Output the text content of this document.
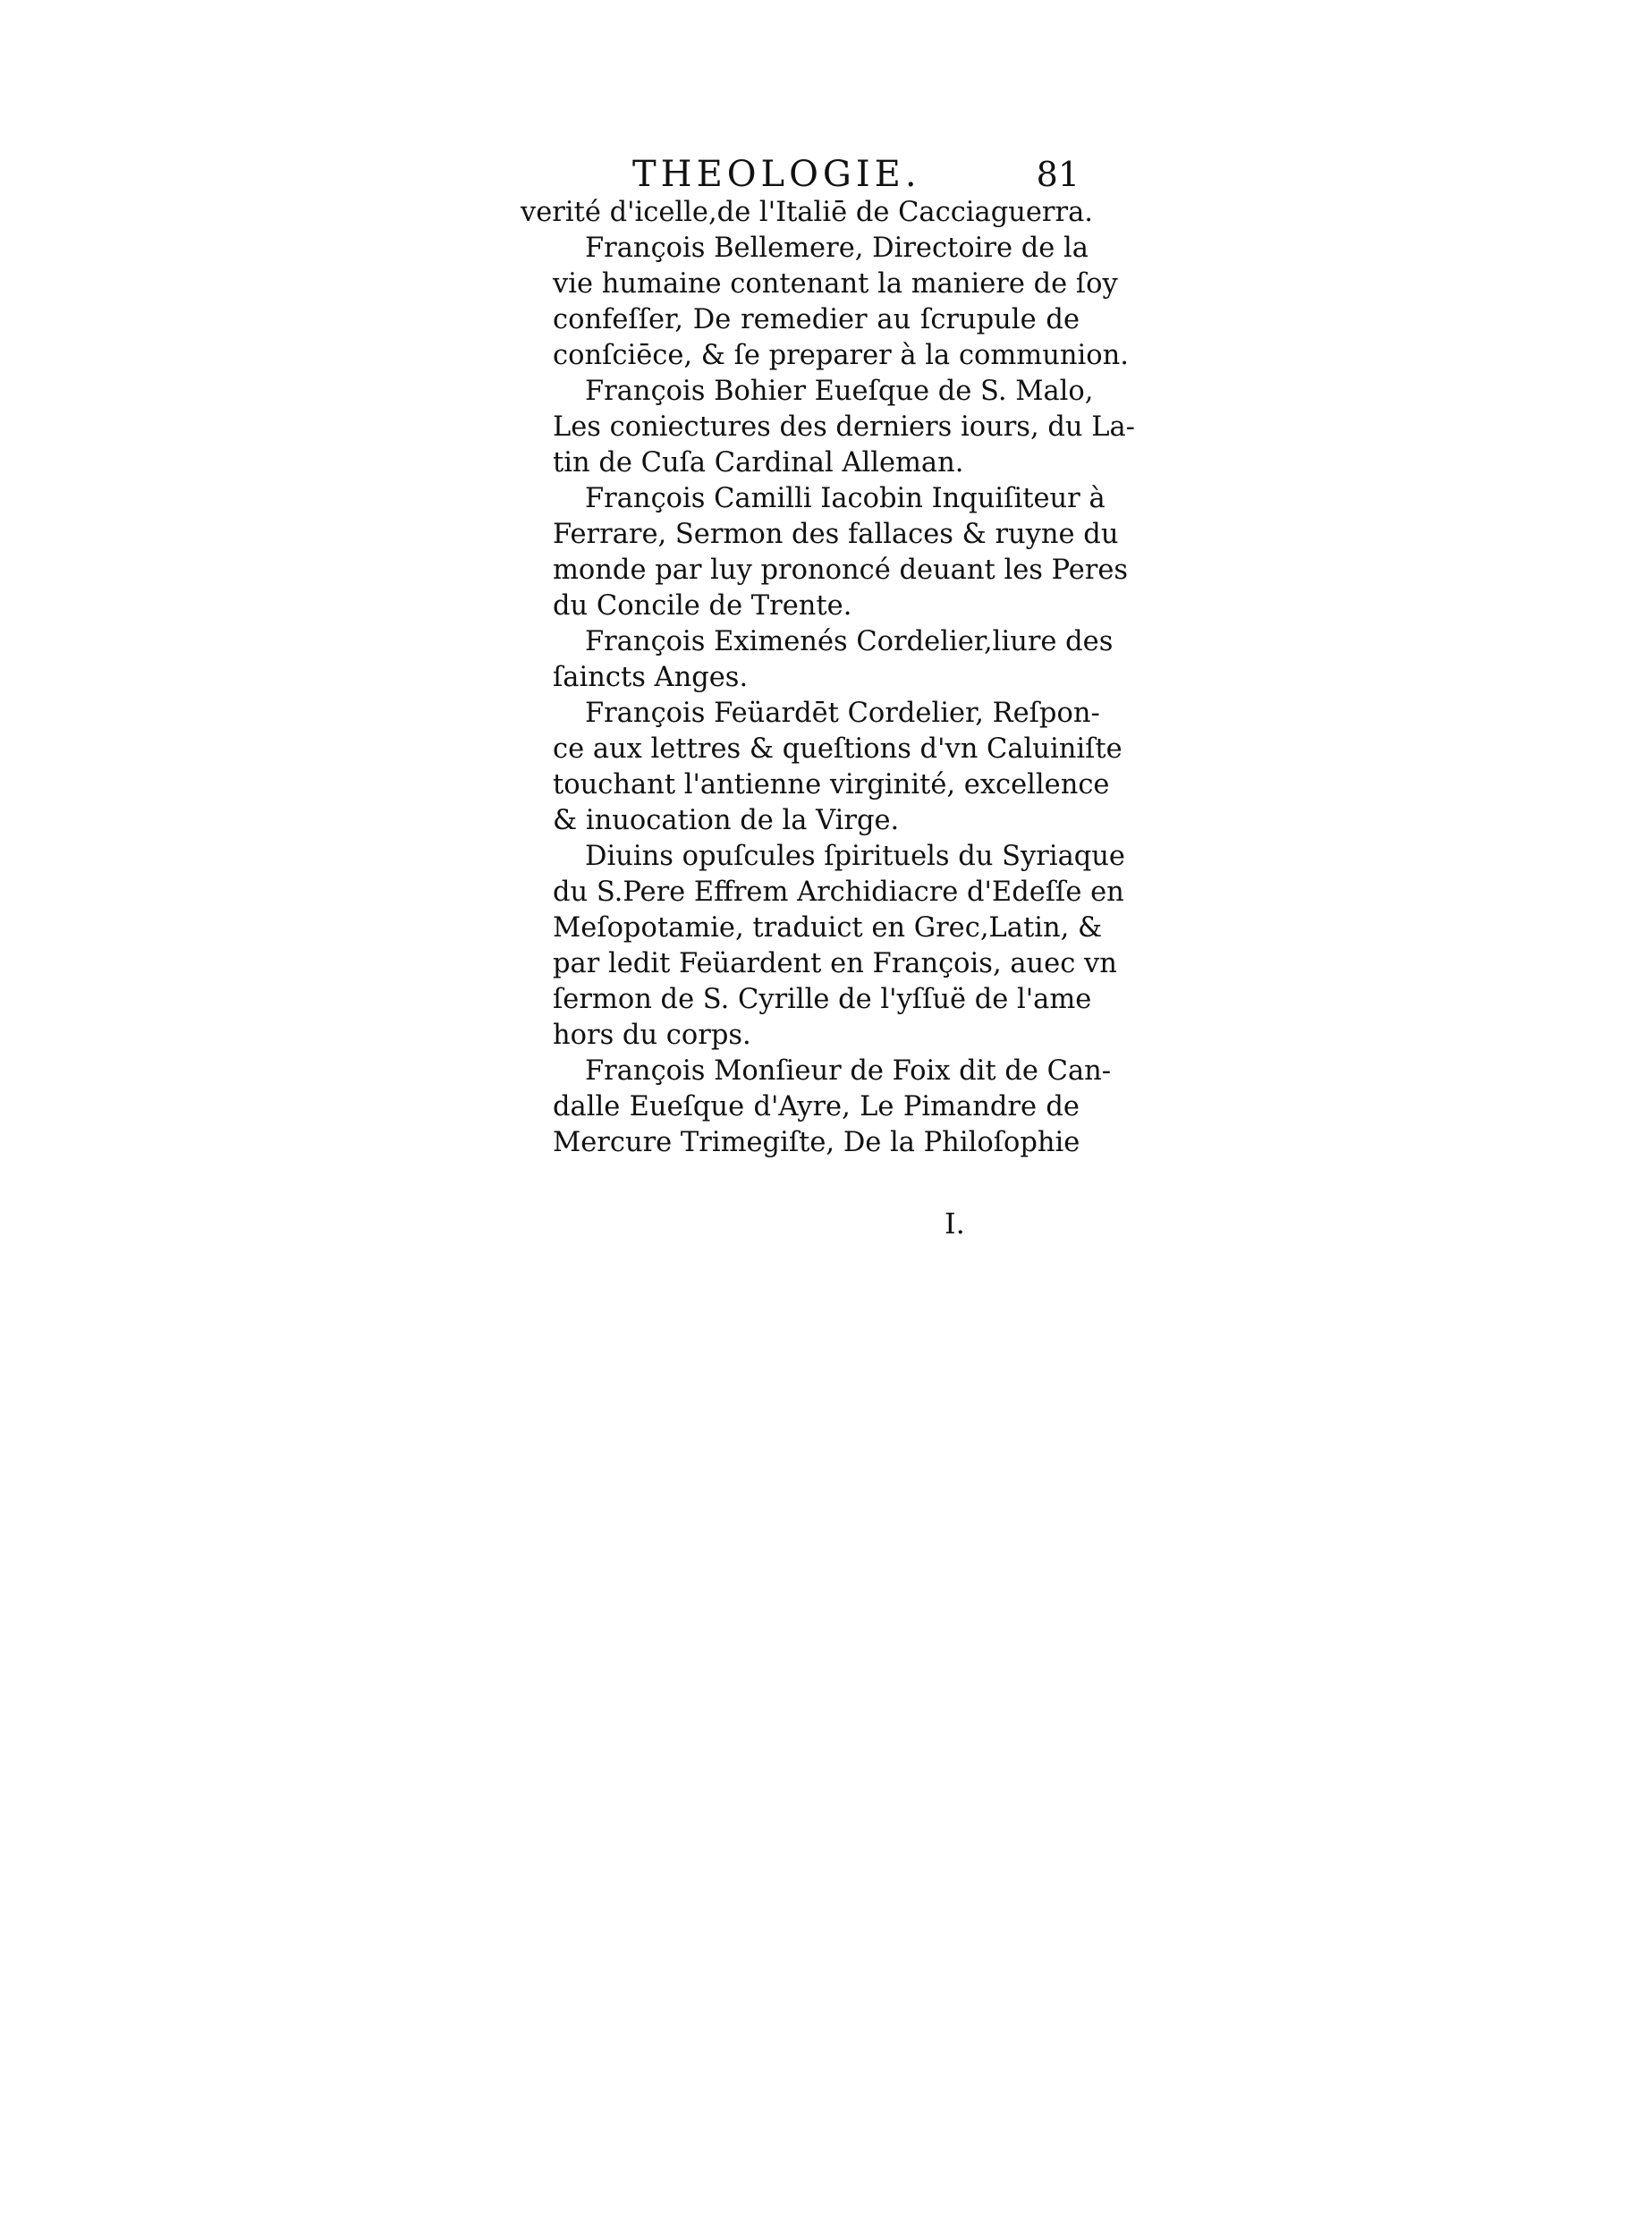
THEOLOGIE.	81
verité d'icelle,de l'Italiē de Cacciaguerra.
François Bellemere, Directoire de la
vie humaine contenant la maniere de ſoy
confeſſer, De remedier au ſcrupule de
conſciēce, & ſe preparer à la communion.
François Bohier Eueſque de S. Malo,
Les coniectures des derniers iours, du La-
tin de Cuſa Cardinal Alleman.
François Camilli Iacobin Inquiſiteur à
Ferrare, Sermon des fallaces & ruyne du
monde par luy prononcé deuant les Peres
du Concile de Trente.
François Eximenés Cordelier,liure des
ſaincts Anges.
François Feüardēt Cordelier, Reſpon-
ce aux lettres & queſtions d'vn Caluiniſte
touchant l'antienne virginité, excellence
& inuocation de la Virge.
Diuins opuſcules ſpirituels du Syriaque
du S.Pere Effrem Archidiacre d'Edeſſe en
Meſopotamie, traduict en Grec,Latin, &
par ledit Feüardent en François, auec vn
ſermon de S. Cyrille de l'yſſuë de l'ame
hors du corps.
François Monſieur de Foix dit de Can-
dalle Eueſque d'Ayre, Le Pimandre de
Mercure Trimegiſte, De la Philoſophie
I.
